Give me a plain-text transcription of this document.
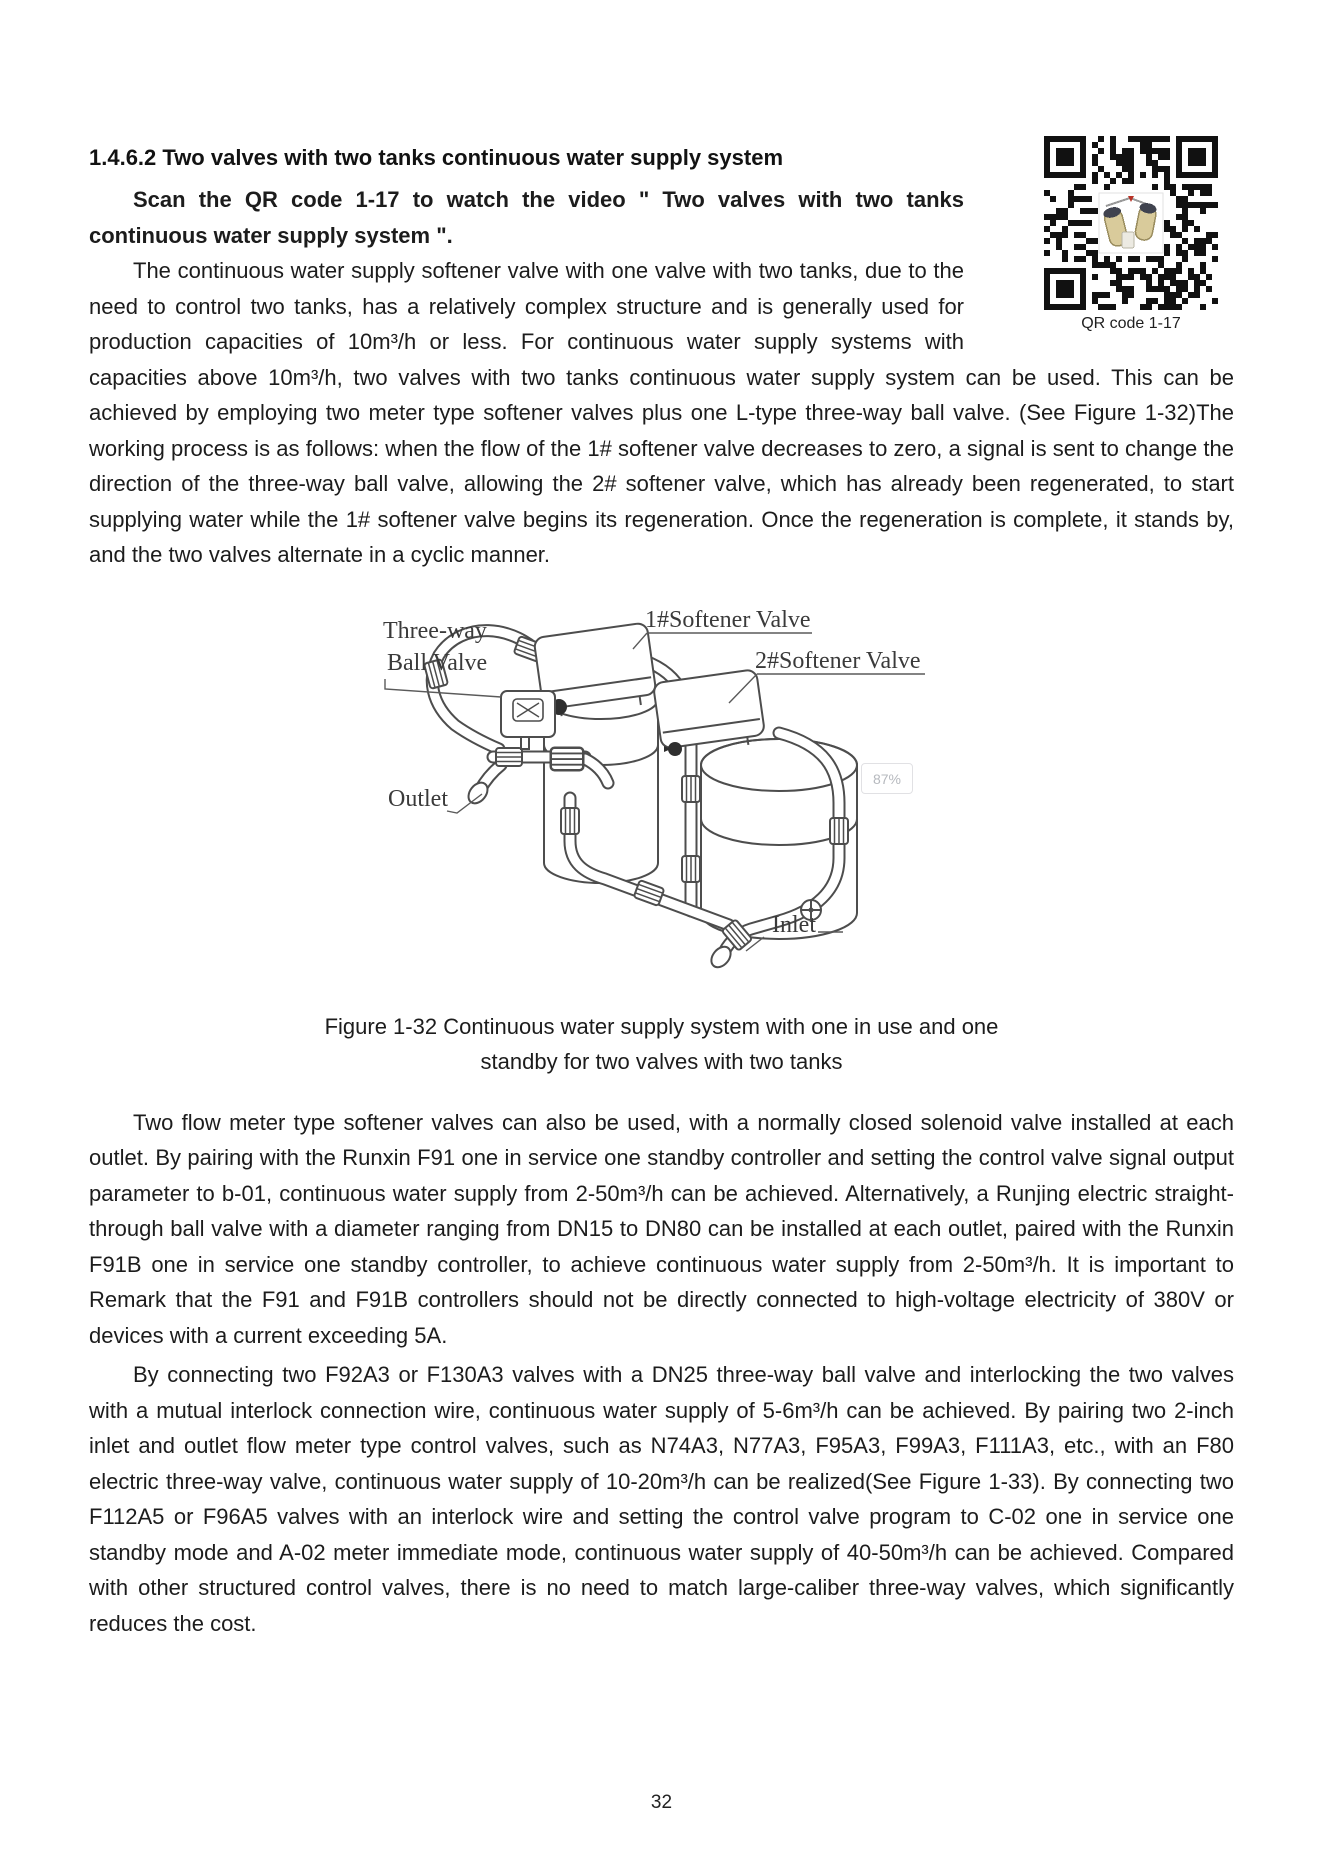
QR code 1-17
1.4.6.2 Two valves with two tanks continuous water supply system

Scan the QR code 1-17 to watch the video " Two valves with two tanks continuous water supply system ".

The continuous water supply softener valve with one valve with two tanks, due to the need to control two tanks, has a relatively complex structure and is generally used for production capacities of 10m³/h or less. For continuous water supply systems with capacities above 10m³/h, two valves with two tanks continuous water supply system can be used. This can be achieved by employing two meter type softener valves plus one L-type three-way ball valve. (See Figure 1-32)The working process is as follows: when the flow of the 1# softener valve decreases to zero, a signal is sent to change the direction of the three-way ball valve, allowing the 2# softener valve, which has already been regenerated, to start supplying water while the 1# softener valve begins its regeneration. Once the regeneration is complete, it stands by, and the two valves alternate in a cyclic manner.

Three-way
Ball Valve
1#Softener Valve
2#Softener Valve
Outlet
Inlet
Figure 1-32 Continuous water supply system with one in use and one
standby for two valves with two tanks

Two flow meter type softener valves can also be used, with a normally closed solenoid valve installed at each outlet. By pairing with the Runxin F91 one in service one standby controller and setting the control valve signal output parameter to b-01, continuous water supply from 2-50m³/h can be achieved. Alternatively, a Runjing electric straight-through ball valve with a diameter ranging from DN15 to DN80 can be installed at each outlet, paired with the Runxin F91B one in service one standby controller, to achieve continuous water supply from 2-50m³/h. It is important to Remark that the F91 and F91B controllers should not be directly connected to high-voltage electricity of 380V or devices with a current exceeding 5A.

By connecting two F92A3 or F130A3 valves with a DN25 three-way ball valve and interlocking the two valves with a mutual interlock connection wire, continuous water supply of 5-6m³/h can be achieved. By pairing two 2-inch inlet and outlet flow meter type control valves, such as N74A3, N77A3, F95A3, F99A3, F111A3, etc., with an F80 electric three-way valve, continuous water supply of 10-20m³/h can be realized(See Figure 1-33). By connecting two F112A5 or F96A5 valves with an interlock wire and setting the control valve program to C-02 one in service one standby mode and A-02 meter immediate mode, continuous water supply of 40-50m³/h can be achieved. Compared with other structured control valves, there is no need to match large-caliber three-way valves, which significantly reduces the cost.

87%
32
